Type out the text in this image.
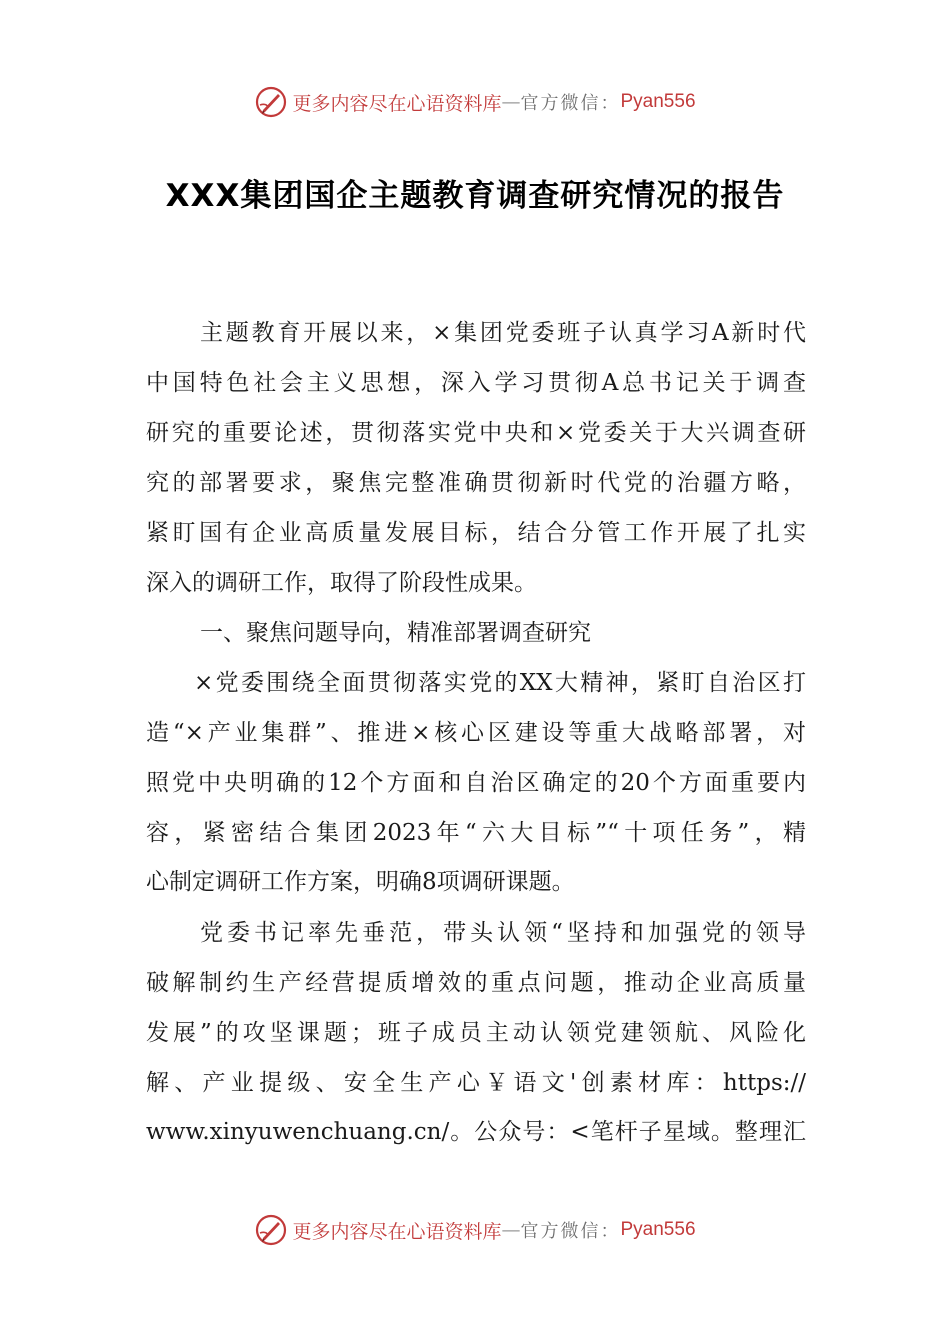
更多内容尽在心语资料库 — 官方微信： Pyan556
XXX集团国企主题教育调查研究情况的报告
主题教育开展以来，×集团党委班子认真学习A新时代
中国特色社会主义思想，深入学习贯彻A总书记关于调查
研究的重要论述，贯彻落实党中央和×党委关于大兴调查研
究的部署要求，聚焦完整准确贯彻新时代党的治疆方略，
紧盯国有企业高质量发展目标，结合分管工作开展了扎实
深入的调研工作，取得了阶段性成果。
一、聚焦问题导向，精准部署调查研究
×党委围绕全面贯彻落实党的XX大精神，紧盯自治区打
造“×产业集群”、推进×核心区建设等重大战略部署，对
照党中央明确的12个方面和自治区确定的20个方面重要内
容，紧密结合集团2023年“六大目标”“十项任务”，精
心制定调研工作方案，明确8项调研课题。
党委书记率先垂范，带头认领“坚持和加强党的领导
破解制约生产经营提质增效的重点问题，推动企业高质量
发展”的攻坚课题；班子成员主动认领党建领航、风险化
解、产业提级、安全生产心￥语文'创素材库：https://
www.xinyuwenchuang.cn/。公众号：<笔杆子星域。整理汇
更多内容尽在心语资料库 — 官方微信： Pyan556
